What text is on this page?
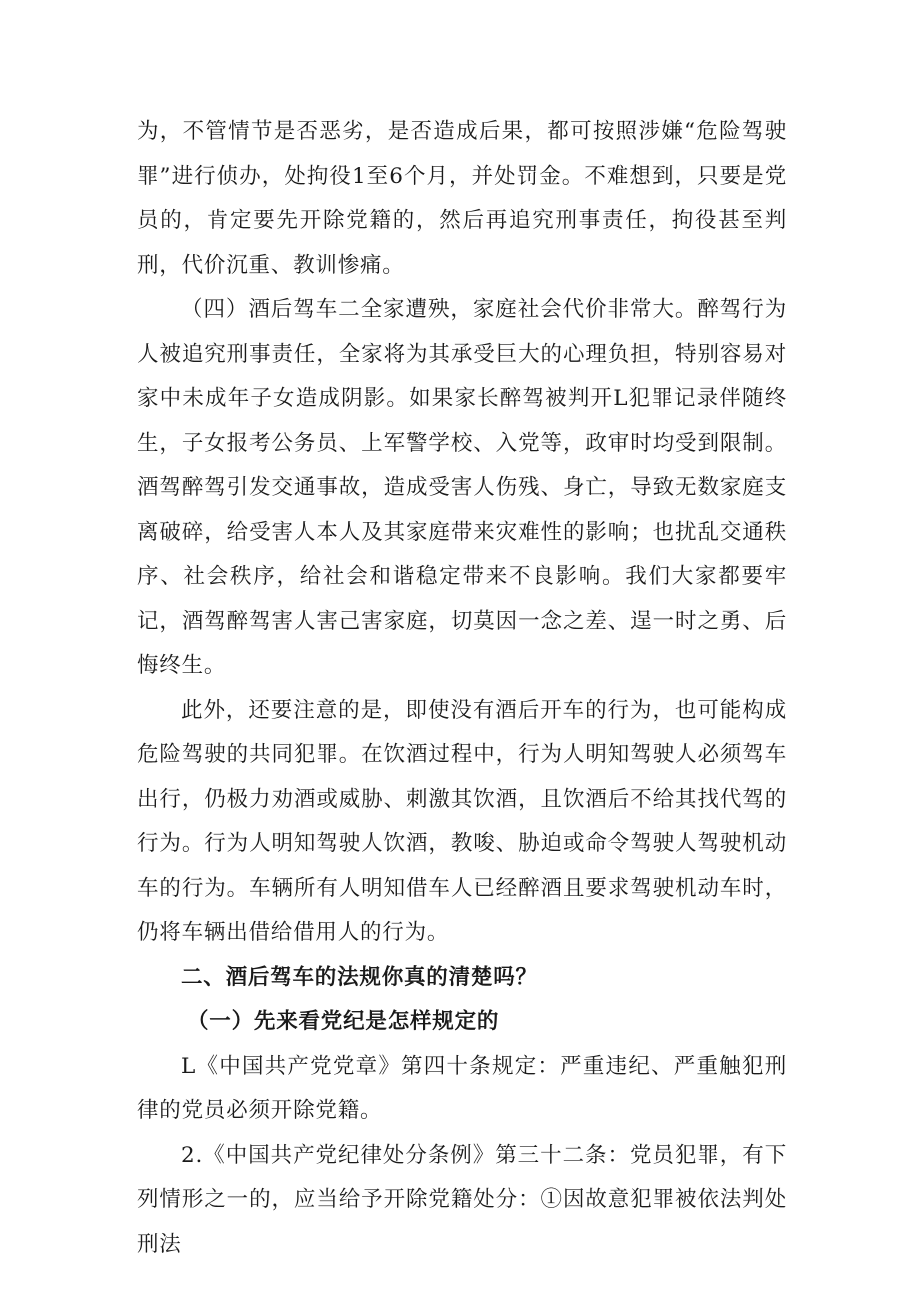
为，不管情节是否恶劣，是否造成后果，都可按照涉嫌“危险驾驶罪”进行侦办，处拘役1至6个月，并处罚金。不难想到，只要是党员的，肯定要先开除党籍的，然后再追究刑事责任，拘役甚至判刑，代价沉重、教训惨痛。

（四）酒后驾车二全家遭殃，家庭社会代价非常大。醉驾行为人被追究刑事责任，全家将为其承受巨大的心理负担，特别容易对家中未成年子女造成阴影。如果家长醉驾被判开L犯罪记录伴随终生，子女报考公务员、上军警学校、入党等，政审时均受到限制。酒驾醉驾引发交通事故，造成受害人伤残、身亡，导致无数家庭支离破碎，给受害人本人及其家庭带来灾难性的影响；也扰乱交通秩序、社会秩序，给社会和谐稳定带来不良影响。我们大家都要牢记，酒驾醉驾害人害己害家庭，切莫因一念之差、逞一时之勇、后悔终生。

此外，还要注意的是，即使没有酒后开车的行为，也可能构成危险驾驶的共同犯罪。在饮酒过程中，行为人明知驾驶人必须驾车出行，仍极力劝酒或威胁、刺激其饮酒，且饮酒后不给其找代驾的行为。行为人明知驾驶人饮酒，教唆、胁迫或命令驾驶人驾驶机动车的行为。车辆所有人明知借车人已经醉酒且要求驾驶机动车时，仍将车辆出借给借用人的行为。

二、酒后驾车的法规你真的清楚吗？

（一）先来看党纪是怎样规定的

L《中国共产党党章》第四十条规定：严重违纪、严重触犯刑律的党员必须开除党籍。

2.《中国共产党纪律处分条例》第三十二条：党员犯罪，有下列情形之一的，应当给予开除党籍处分：①因故意犯罪被依法判处刑法
